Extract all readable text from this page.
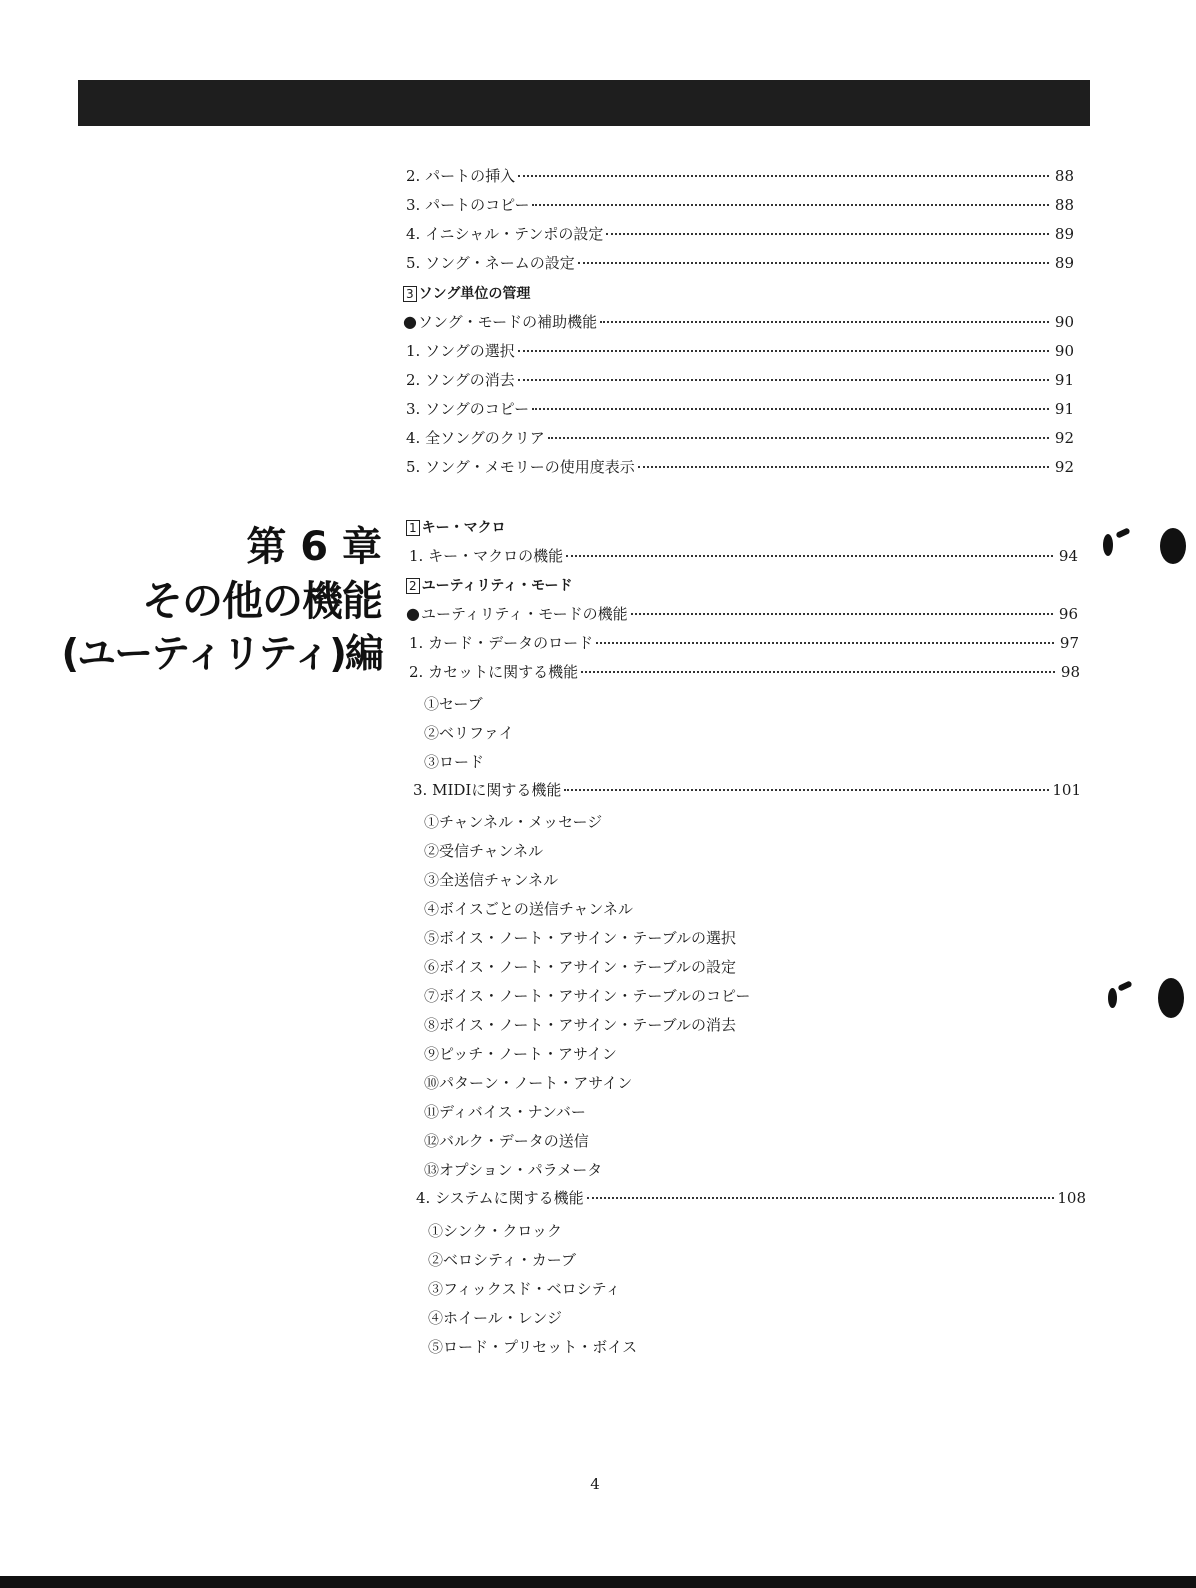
第 6 章
その他の機能
(ユーティリティ)編
2. パートの挿入	88
3. パートのコピー	88
4. イニシャル・テンポの設定	89
5. ソング・ネームの設定	89
3 ソング単位の管理
●ソング・モードの補助機能	90
1. ソングの選択	90
2. ソングの消去	91
3. ソングのコピー	91
4. 全ソングのクリア	92
5. ソング・メモリーの使用度表示	92
1 キー・マクロ
1. キー・マクロの機能	94
2 ユーティリティ・モード
●ユーティリティ・モードの機能	96
1. カード・データのロード	97
2. カセットに関する機能	98
①セーブ
②ベリファイ
③ロード
3. MIDIに関する機能	101
①チャンネル・メッセージ
②受信チャンネル
③全送信チャンネル
④ボイスごとの送信チャンネル
⑤ボイス・ノート・アサイン・テーブルの選択
⑥ボイス・ノート・アサイン・テーブルの設定
⑦ボイス・ノート・アサイン・テーブルのコピー
⑧ボイス・ノート・アサイン・テーブルの消去
⑨ピッチ・ノート・アサイン
⑩パターン・ノート・アサイン
⑪ディバイス・ナンバー
⑫バルク・データの送信
⑬オプション・パラメータ
4. システムに関する機能	108
①シンク・クロック
②ベロシティ・カーブ
③フィックスド・ベロシティ
④ホイール・レンジ
⑤ロード・プリセット・ボイス
4
